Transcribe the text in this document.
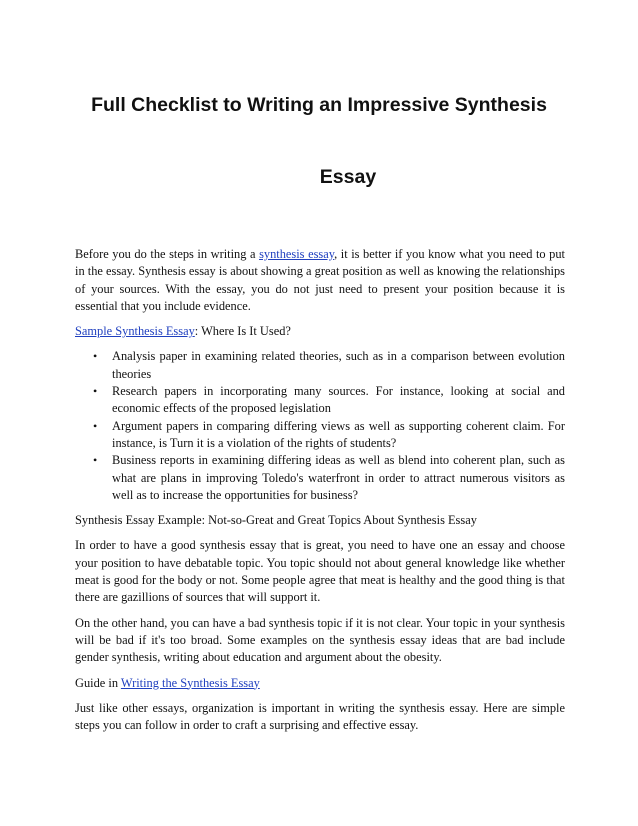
Full Checklist to Writing an Impressive Synthesis
Essay

Before you do the steps in writing a synthesis essay, it is better if you know what you need to put in the essay. Synthesis essay is about showing a great position as well as knowing the relationships of your sources. With the essay, you do not just need to present your position because it is essential that you include evidence.

Sample Synthesis Essay: Where Is It Used?

• Analysis paper in examining related theories, such as in a comparison between evolution theories
• Research papers in incorporating many sources. For instance, looking at social and economic effects of the proposed legislation
• Argument papers in comparing differing views as well as supporting coherent claim. For instance, is Turn it is a violation of the rights of students?
• Business reports in examining differing ideas as well as blend into coherent plan, such as what are plans in improving Toledo's waterfront in order to attract numerous visitors as well as to increase the opportunities for business?

Synthesis Essay Example: Not-so-Great and Great Topics About Synthesis Essay

In order to have a good synthesis essay that is great, you need to have one an essay and choose your position to have debatable topic. You topic should not about general knowledge like whether meat is good for the body or not. Some people agree that meat is healthy and the good thing is that there are gazillions of sources that will support it.

On the other hand, you can have a bad synthesis topic if it is not clear. Your topic in your synthesis will be bad if it's too broad. Some examples on the synthesis essay ideas that are bad include gender synthesis, writing about education and argument about the obesity.

Guide in Writing the Synthesis Essay

Just like other essays, organization is important in writing the synthesis essay. Here are simple steps you can follow in order to craft a surprising and effective essay.
